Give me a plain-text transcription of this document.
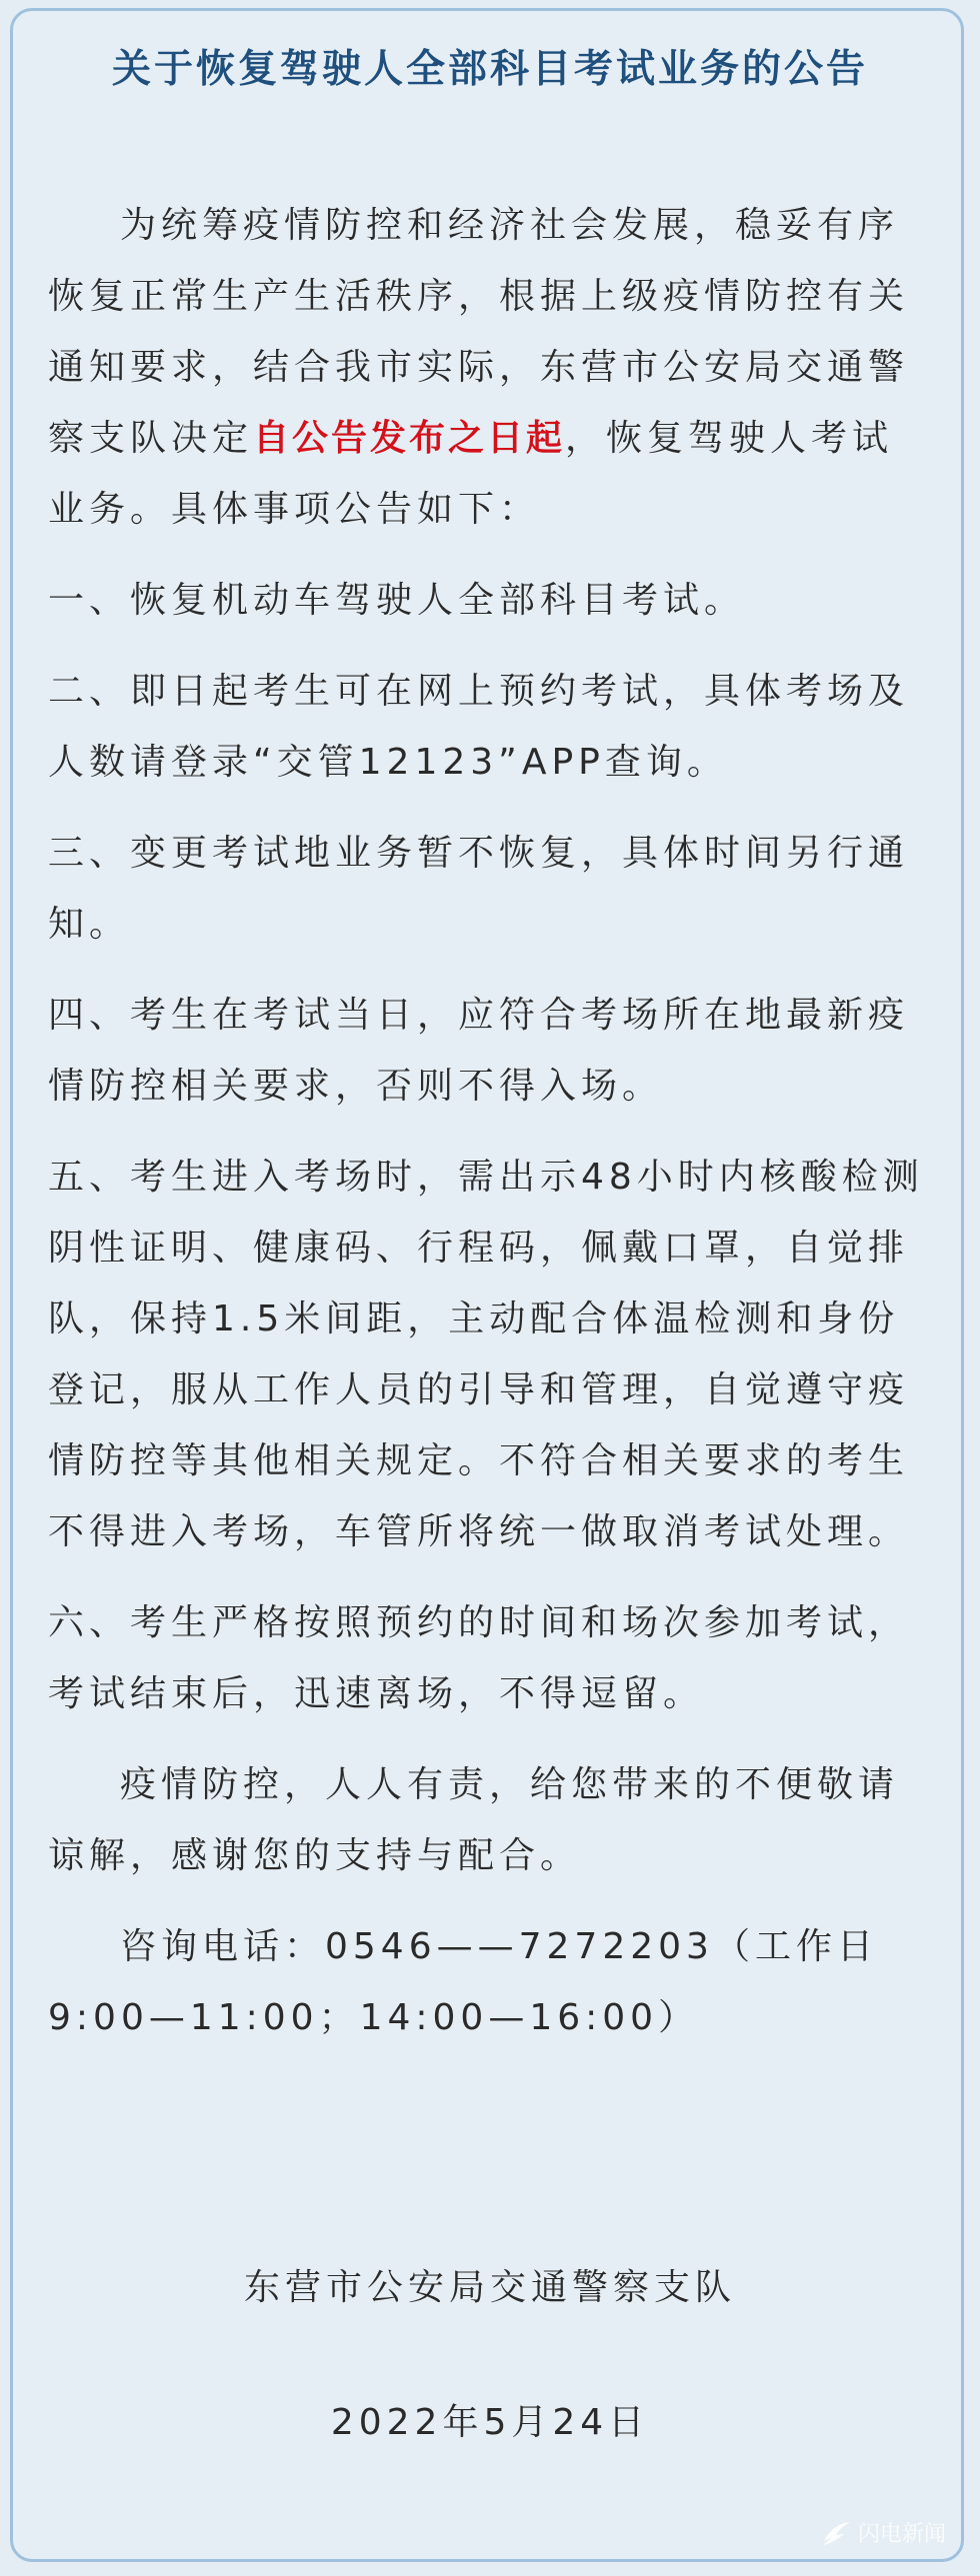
关于恢复驾驶人全部科目考试业务的公告

为统筹疫情防控和经济社会发展，稳妥有序恢复正常生产生活秩序，根据上级疫情防控有关通知要求，结合我市实际，东营市公安局交通警察支队决定自公告发布之日起，恢复驾驶人考试业务。具体事项公告如下：

一、恢复机动车驾驶人全部科目考试。

二、即日起考生可在网上预约考试，具体考场及人数请登录“交管12123”APP查询。

三、变更考试地业务暂不恢复，具体时间另行通知。

四、考生在考试当日，应符合考场所在地最新疫情防控相关要求，否则不得入场。

五、考生进入考场时，需出示48小时内核酸检测阴性证明、健康码、行程码，佩戴口罩，自觉排队，保持1.5米间距，主动配合体温检测和身份登记，服从工作人员的引导和管理，自觉遵守疫情防控等其他相关规定。不符合相关要求的考生不得进入考场，车管所将统一做取消考试处理。

六、考生严格按照预约的时间和场次参加考试，考试结束后，迅速离场，不得逗留。

疫情防控，人人有责，给您带来的不便敬请谅解，感谢您的支持与配合。

咨询电话：0546——7272203（工作日9:00—11:00；14:00—16:00）

东营市公安局交通警察支队
2022年5月24日
闪电新闻
